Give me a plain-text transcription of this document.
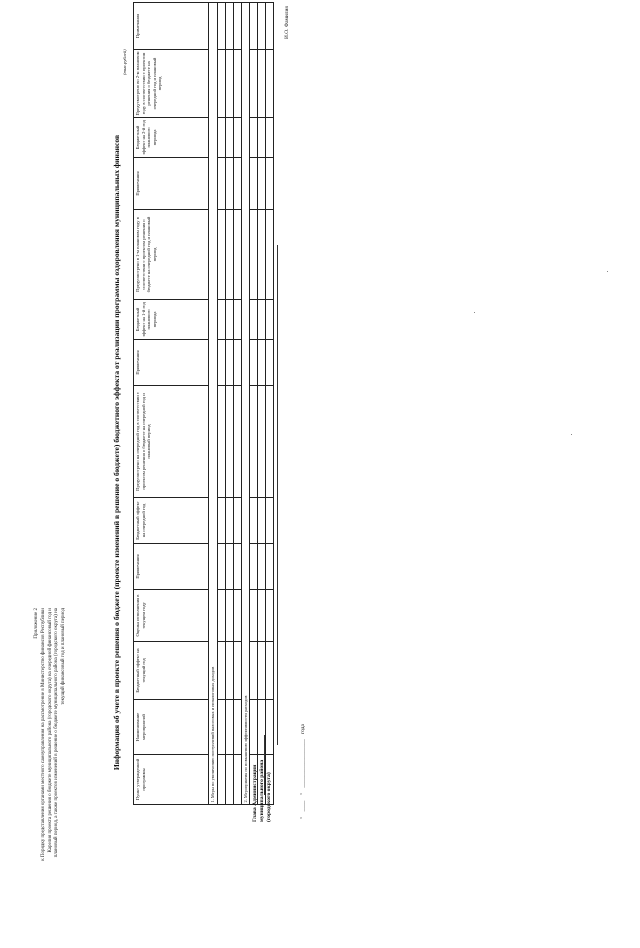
Приложение 2 к Порядку представления органами местного самоуправления на рассмотрение в Министерство финансов Республики Карелия проекта решения о бюджете муниципального района (городского округа) на очередной финансовый год и плановый период, а также проектов изменений в решение о бюджете муниципального района (городского округа) на текущий финансовый год и плановый период	Информация об учете в проекте решения о бюджете (проекте изменений в решение о бюджете) бюджетного эффекта от реализации программы оздоровления муниципальных финансов
(тыс.рублей)
Пункт утвержденной программы	Наименование мероприятий	Бюджетный эффект на текущий год	Оценка исполнения в текущем году	Примечания	Бюджетный эффект на очередной год	Предусмотрено на очередной год в соответствии с проектом решения о бюджете на очередной год и плановый период	Примечания	Бюджетный эффект на 1-й год планового периода	Предусмотрено в 1-м плановом году в соответствии с проектом решения о бюджете на очередной год и плановый период	Примечания	Бюджетный эффект на 2-й год планового периода	Предусмотрено во 2-м плановом году в соответствии с проектом решения о бюджете на очередной год и плановый период	Примечания
1. Меры по увеличению поступлений налоговых и неналоговых доходов													

2. Мероприятия по повышению эффективности расходов													

													Глава Администрации муниципального района (городского округа)
И.О. Фамилия
" ____ " __________________ года
